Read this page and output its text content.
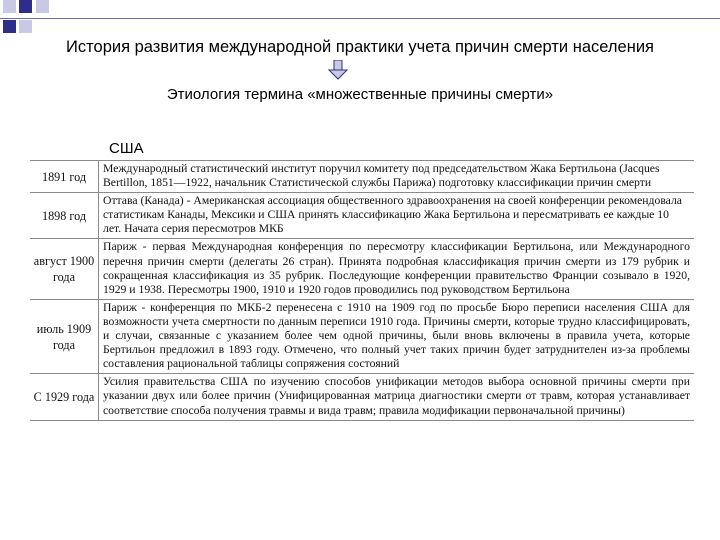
История развития международной практики учета причин смерти населения
Этиология термина «множественные причины смерти»
США
1891 год	Международный статистический институт поручил комитету под председательством Жака Бертильона (Jacques Bertillon, 1851—1922, начальник Статистической службы Парижа) подготовку классификации причин смерти
1898 год	Оттава (Канада) - Американская ассоциация общественного здравоохранения на своей конференции рекомендовала статистикам Канады, Мексики и США принять классификацию Жака Бертильона и пересматривать ее каждые 10 лет. Начата серия пересмотров МКБ
август 1900 года	Париж - первая Международная конференция по пересмотру классификации Бертильона, или Международного перечня причин смерти (делегаты 26 стран). Принята подробная классификация причин смерти из 179 рубрик и сокращенная классификация из 35 рубрик. Последующие конференции правительство Франции созывало в 1920, 1929 и 1938. Пересмотры 1900, 1910 и 1920 годов проводились под руководством Бертильона
июль 1909 года	Париж - конференция по МКБ-2 перенесена с 1910 на 1909 год по просьбе Бюро переписи населения США для возможности учета смертности по данным переписи 1910 года. Причины смерти, которые трудно классифицировать, и случаи, связанные с указанием более чем одной причины, были вновь включены в правила учета, которые Бертильон предложил в 1893 году. Отмечено, что полный учет таких причин будет затруднителен из-за проблемы составления рациональной таблицы сопряжения состояний
С 1929 года	Усилия правительства США по изучению способов унификации методов выбора основной причины смерти при указании двух или более причин (Унифицированная матрица диагностики смерти от травм, которая устанавливает соответствие способа получения травмы и вида травм; правила модификации первоначальной причины)
